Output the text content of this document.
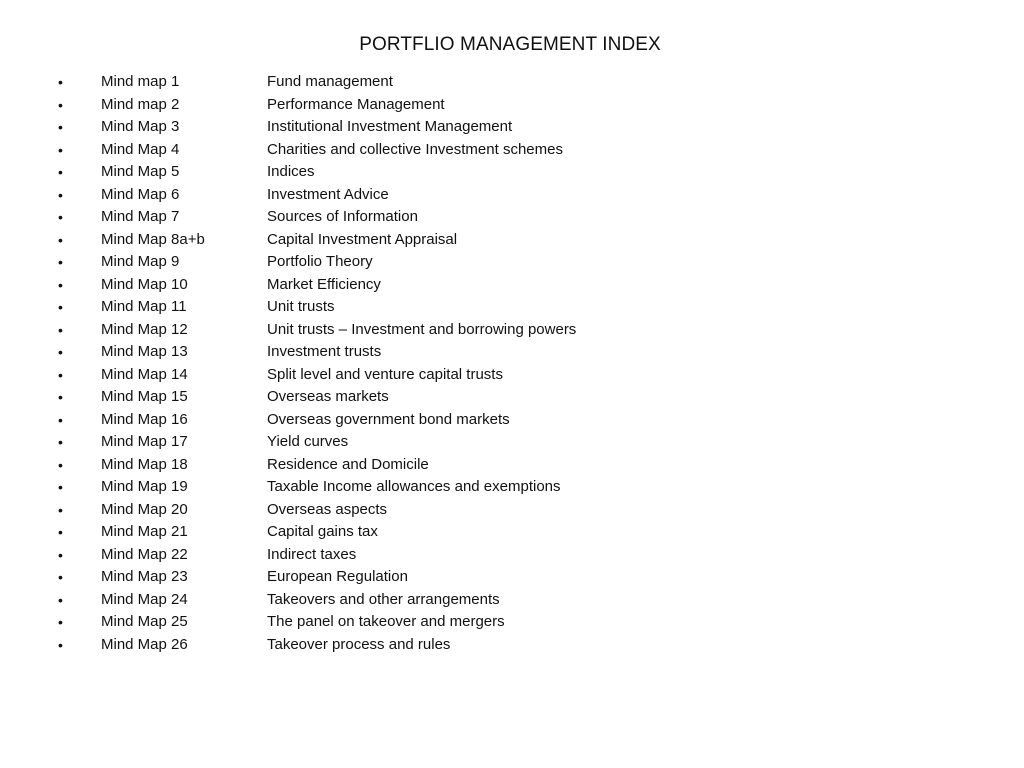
PORTFLIO MANAGEMENT INDEX
•	Mind map 1	Fund management
•	Mind map 2	Performance Management
•	Mind Map 3	Institutional Investment Management
•	Mind Map 4	Charities and collective Investment schemes
•	Mind Map 5	Indices
•	Mind Map 6	Investment Advice
•	Mind Map 7	Sources of Information
•	Mind Map 8a+b	Capital Investment Appraisal
•	Mind Map 9	Portfolio Theory
•	Mind Map 10	Market Efficiency
•	Mind Map 11	Unit trusts
•	Mind Map 12	Unit trusts – Investment and borrowing powers
•	Mind Map 13	Investment trusts
•	Mind Map 14	Split level and venture capital trusts
•	Mind Map 15	Overseas markets
•	Mind Map 16	Overseas government bond markets
•	Mind Map 17	Yield curves
•	Mind Map 18	Residence and Domicile
•	Mind Map 19	Taxable Income allowances and exemptions
•	Mind Map 20	Overseas aspects
•	Mind Map 21	Capital gains tax
•	Mind Map 22	Indirect taxes
•	Mind Map 23	European Regulation
•	Mind Map 24	Takeovers and other arrangements
•	Mind Map 25	The panel on takeover and mergers
•	Mind Map 26	Takeover process and rules
